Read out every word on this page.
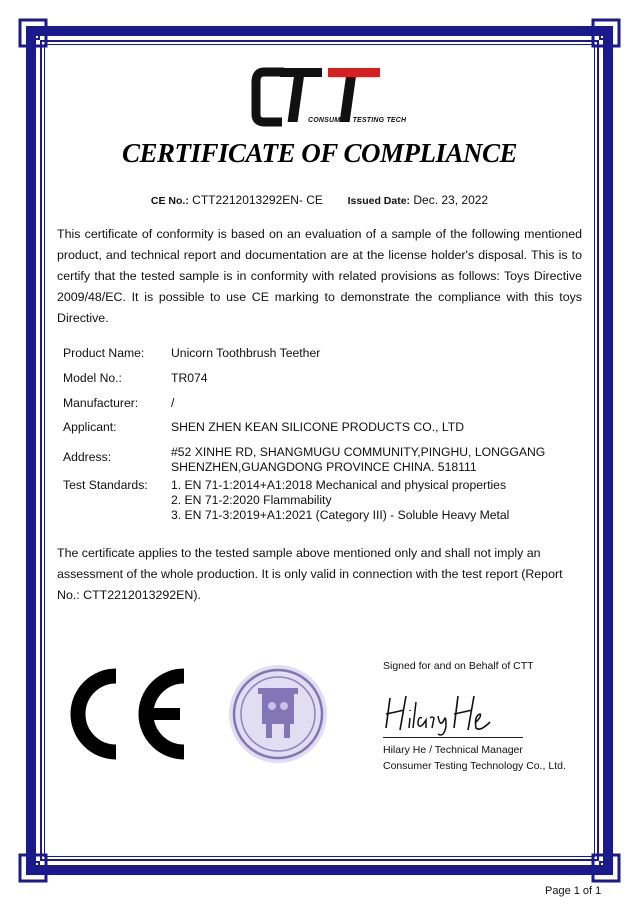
CONSUMER TESTING TECH
CERTIFICATE OF COMPLIANCE
CE No.: CTT2212013292EN- CE Issued Date: Dec. 23, 2022
This certificate of conformity is based on an evaluation of a sample of the following mentioned product, and technical report and documentation are at the license holder's disposal. This is to certify that the tested sample is in conformity with related provisions as follows: Toys Directive 2009/48/EC. It is possible to use CE marking to demonstrate the compliance with this toys Directive.
Product Name:	Unicorn Toothbrush Teether
Model No.:	TR074
Manufacturer:	/
Applicant:	SHEN ZHEN KEAN SILICONE PRODUCTS CO., LTD
Address:	#52 XINHE RD, SHANGMUGU COMMUNITY,PINGHU, LONGGANG
SHENZHEN,GUANGDONG PROVINCE CHINA. 518111
Test Standards:	1. EN 71-1:2014+A1:2018 Mechanical and physical properties
2. EN 71-2:2020 Flammability
3. EN 71-3:2019+A1:2021 (Category III) - Soluble Heavy Metal
The certificate applies to the tested sample above mentioned only and shall not imply an assessment of the whole production. It is only valid in connection with the test report (Report No.: CTT2212013292EN).
Signed for and on Behalf of CTT
Hilary He / Technical Manager
Consumer Testing Technology Co., Ltd.
Page 1 of 1
